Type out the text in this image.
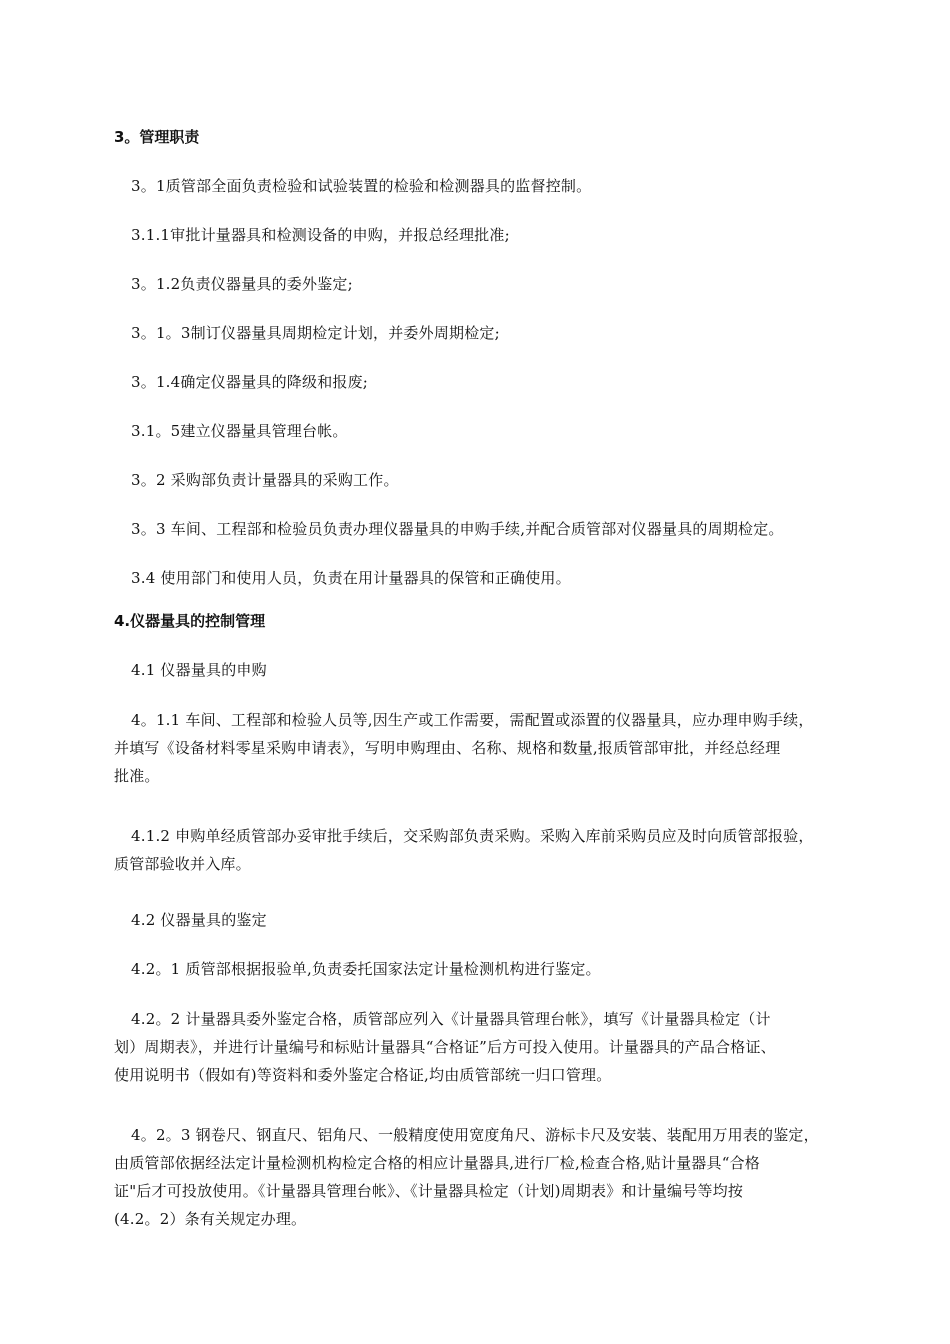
3。管理职责
3。1质管部全面负责检验和试验装置的检验和检测器具的监督控制。
3.1.1审批计量器具和检测设备的申购，并报总经理批准;
3。1.2负责仪器量具的委外鉴定;
3。1。3制订仪器量具周期检定计划，并委外周期检定;
3。1.4确定仪器量具的降级和报废;
3.1。5建立仪器量具管理台帐。
3。2 采购部负责计量器具的采购工作。
3。3 车间、工程部和检验员负责办理仪器量具的申购手续,并配合质管部对仪器量具的周期检定。
3.4 使用部门和使用人员，负责在用计量器具的保管和正确使用。
4.仪器量具的控制管理
4.1 仪器量具的申购
4。1.1 车间、工程部和检验人员等,因生产或工作需要，需配置或添置的仪器量具，应办理申购手续，
并填写《设备材料零星采购申请表》，写明申购理由、名称、规格和数量,报质管部审批，并经总经理
批准。
4.1.2 申购单经质管部办妥审批手续后，交采购部负责采购。采购入库前采购员应及时向质管部报验，
质管部验收并入库。
4.2 仪器量具的鉴定
4.2。1 质管部根据报验单,负责委托国家法定计量检测机构进行鉴定。
4.2。2 计量器具委外鉴定合格，质管部应列入《计量器具管理台帐》，填写《计量器具检定（计
划）周期表》，并进行计量编号和标贴计量器具“合格证”后方可投入使用。计量器具的产品合格证、
使用说明书（假如有)等资料和委外鉴定合格证,均由质管部统一归口管理。
4。2。3 钢卷尺、钢直尺、铝角尺、一般精度使用宽度角尺、游标卡尺及安装、装配用万用表的鉴定，
由质管部依据经法定计量检测机构检定合格的相应计量器具,进行厂检,检查合格,贴计量器具“合格
证"后才可投放使用。《计量器具管理台帐》、《计量器具检定（计划)周期表》和计量编号等均按
(4.2。2）条有关规定办理。
